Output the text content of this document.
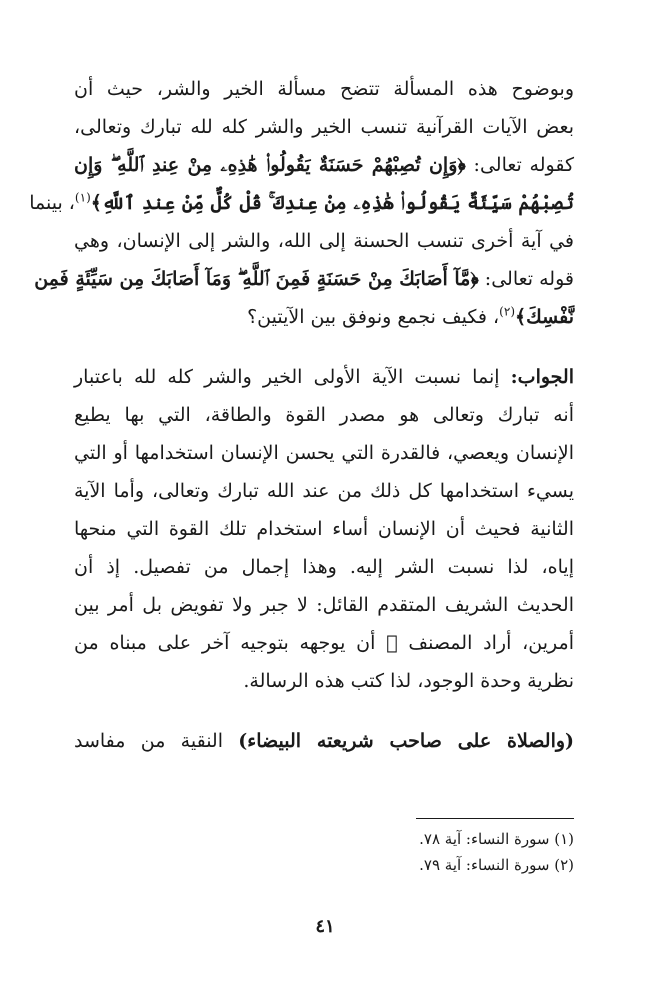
وبوضوح هذه المسألة تتضح مسألة الخير والشر، حيث أن
بعض الآيات القرآنية تنسب الخير والشر كله لله تبارك وتعالى،
كقوله تعالى: ﴿وَإِن تُصِبْهُمْ حَسَنَةٌ يَقُولُوا۟ هَٰذِهِۦ مِنْ عِندِ ٱللَّهِ ۖ وَإِن
تُصِبْهُمْ سَيِّئَةٌ يَقُولُوا۟ هَٰذِهِۦ مِنْ عِندِكَ ۚ قُلْ كُلٌّ مِّنْ عِندِ ٱللَّهِ﴾$^{(١)}$، بينما
في آية أخرى تنسب الحسنة إلى الله، والشر إلى الإنسان، وهي
قوله تعالى: ﴿مَّآ أَصَابَكَ مِنْ حَسَنَةٍ فَمِنَ ٱللَّهِ ۖ وَمَآ أَصَابَكَ مِن سَيِّئَةٍ فَمِن
نَّفْسِكَ﴾$^{(٢)}$، فكيف نجمع ونوفق بين الآيتين؟
الجواب: إنما نسبت الآية الأولى الخير والشر كله لله باعتبار
أنه تبارك وتعالى هو مصدر القوة والطاقة، التي بها يطيع
الإنسان ويعصي، فالقدرة التي يحسن الإنسان استخدامها أو التي
يسيء استخدامها كل ذلك من عند الله تبارك وتعالى، وأما الآية
الثانية فحيث أن الإنسان أساء استخدام تلك القوة التي منحها
إياه، لذا نسبت الشر إليه. وهذا إجمال من تفصيل. إذ أن
الحديث الشريف المتقدم القائل: لا جبر ولا تفويض بل أمر بين
أمرين، أراد المصنف ﷫ أن يوجهه بتوجيه آخر على مبناه من
نظرية وحدة الوجود، لذا كتب هذه الرسالة.
(والصلاة على صاحب شريعته البيضاء) النقية من مفاسد
(١) سورة النساء: آية ٧٨.
(٢) سورة النساء: آية ٧٩.
٤١
